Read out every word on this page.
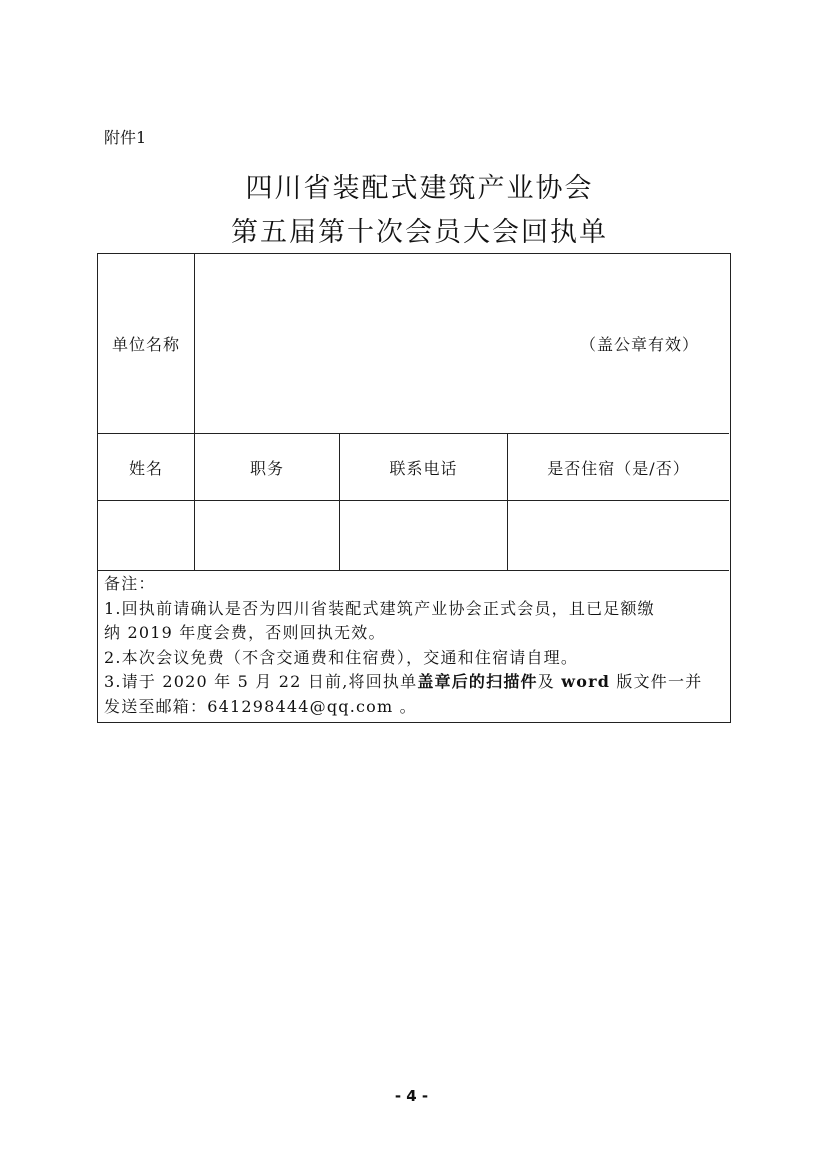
附件1
四川省装配式建筑产业协会
第五届第十次会员大会回执单
单位名称	（盖公章有效）
姓名	职务	联系电话	是否住宿（是/否）

备注：

1.回执前请确认是否为四川省装配式建筑产业协会正式会员，且已足额缴

纳 2019 年度会费，否则回执无效。

2.本次会议免费（不含交通费和住宿费），交通和住宿请自理。

3.请于 2020 年 5 月 22 日前,将回执单盖章后的扫描件及 word 版文件一并

发送至邮箱：641298444@qq.com 。

- 4 -
